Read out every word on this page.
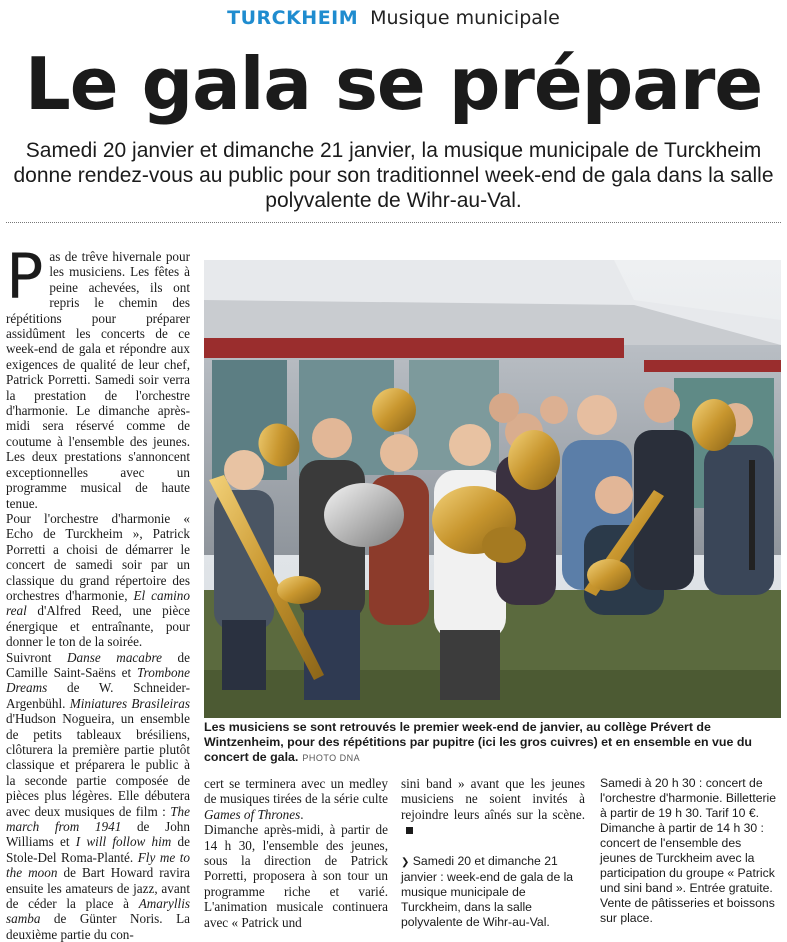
TURCKHEIM Musique municipale
Le gala se prépare
Samedi 20 janvier et dimanche 21 janvier, la musique municipale de Turckheim donne rendez-vous au public pour son traditionnel week-end de gala dans la salle polyvalente de Wihr-au-Val.

Pas de trêve hivernale pour les musiciens. Les fêtes à peine achevées, ils ont repris le chemin des répétitions pour préparer assidûment les concerts de ce week-end de gala et répondre aux exigences de qualité de leur chef, Patrick Porretti. Samedi soir verra la prestation de l'orchestre d'harmonie. Le dimanche après-midi sera réservé comme de coutume à l'ensemble des jeunes. Les deux prestations s'annoncent exceptionnelles avec un programme musical de haute tenue.

Pour l'orchestre d'harmonie « Echo de Turckheim », Patrick Porretti a choisi de démarrer le concert de samedi soir par un classique du grand répertoire des orchestres d'harmonie, El camino real d'Alfred Reed, une pièce énergique et entraînante, pour donner le ton de la soirée.

Suivront Danse macabre de Camille Saint-Saëns et Trombone Dreams de W. Schneider-Argenbühl. Miniatures Brasileiras d'Hudson Nogueira, un ensemble de petits tableaux brésiliens, clôturera la première partie plutôt classique et préparera le public à la seconde partie composée de pièces plus légères. Elle débutera avec deux musiques de film : The march from 1941 de John Williams et I will follow him de Stole-Del Roma-Planté. Fly me to the moon de Bart Howard ravira ensuite les amateurs de jazz, avant de céder la place à Amaryllis samba de Günter Noris. La deuxième partie du con-

Les musiciens se sont retrouvés le premier week-end de janvier, au collège Prévert de Wintzenheim, pour des répétitions par pupitre (ici les gros cuivres) et en ensemble en vue du concert de gala. PHOTO DNA

cert se terminera avec un medley de musiques tirées de la série culte Games of Thrones.

Dimanche après-midi, à partir de 14 h 30, l'ensemble des jeunes, sous la direction de Patrick Porretti, proposera à son tour un programme riche et varié. L'animation musicale continuera avec « Patrick und

sini band » avant que les jeunes musiciens ne soient invités à rejoindre leurs aînés sur la scène.

❯ Samedi 20 et dimanche 21 janvier : week-end de gala de la musique municipale de Turckheim, dans la salle polyvalente de Wihr-au-Val.

Samedi à 20 h 30 : concert de l'orchestre d'harmonie. Billetterie à partir de 19 h 30. Tarif 10 €.

Dimanche à partir de 14 h 30 : concert de l'ensemble des jeunes de Turckheim avec la participation du groupe « Patrick und sini band ». Entrée gratuite.

Vente de pâtisseries et boissons sur place.
